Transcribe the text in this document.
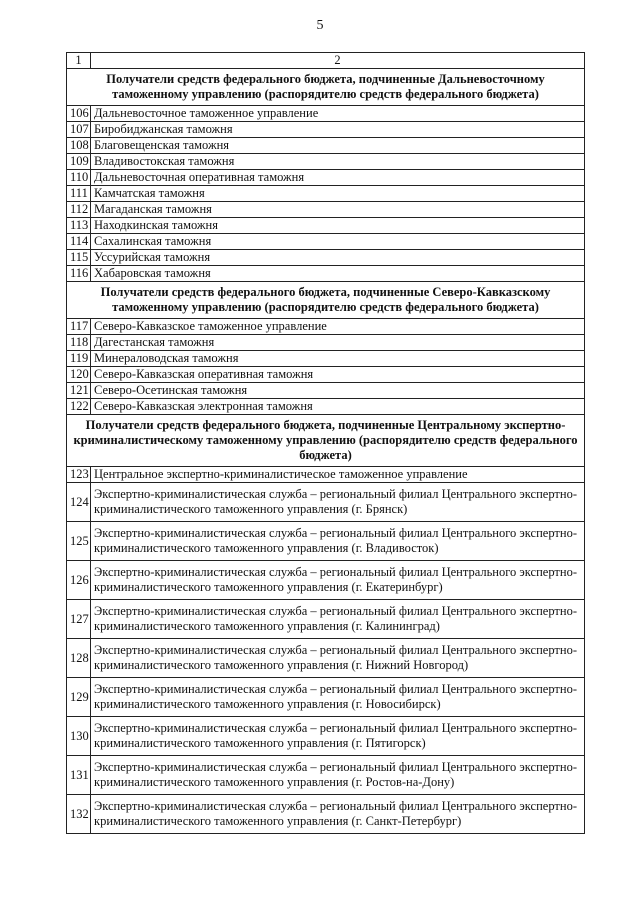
5
1	2
Получатели средств федерального бюджета, подчиненные Дальневосточному таможенному управлению (распорядителю средств федерального бюджета)	
106	Дальневосточное таможенное управление
107	Биробиджанская таможня
108	Благовещенская таможня
109	Владивостокская таможня
110	Дальневосточная оперативная таможня
111	Камчатская таможня
112	Магаданская таможня
113	Находкинская таможня
114	Сахалинская таможня
115	Уссурийская таможня
116	Хабаровская таможня
Получатели средств федерального бюджета, подчиненные Северо-Кавказскому таможенному управлению (распорядителю средств федерального бюджета)	
117	Северо-Кавказское таможенное управление
118	Дагестанская таможня
119	Минераловодская таможня
120	Северо-Кавказская оперативная таможня
121	Северо-Осетинская таможня
122	Северо-Кавказская электронная таможня
Получатели средств федерального бюджета, подчиненные Центральному экспертно-криминалистическому таможенному управлению (распорядителю средств федерального бюджета)	
123	Центральное экспертно-криминалистическое таможенное управление
124	Экспертно-криминалистическая служба – региональный филиал Центрального экспертно-криминалистического таможенного управления (г. Брянск)
125	Экспертно-криминалистическая служба – региональный филиал Центрального экспертно-криминалистического таможенного управления (г. Владивосток)
126	Экспертно-криминалистическая служба – региональный филиал Центрального экспертно-криминалистического таможенного управления (г. Екатеринбург)
127	Экспертно-криминалистическая служба – региональный филиал Центрального экспертно-криминалистического таможенного управления (г. Калининград)
128	Экспертно-криминалистическая служба – региональный филиал Центрального экспертно-криминалистического таможенного управления (г. Нижний Новгород)
129	Экспертно-криминалистическая служба – региональный филиал Центрального экспертно-криминалистического таможенного управления (г. Новосибирск)
130	Экспертно-криминалистическая служба – региональный филиал Центрального экспертно-криминалистического таможенного управления (г. Пятигорск)
131	Экспертно-криминалистическая служба – региональный филиал Центрального экспертно-криминалистического таможенного управления (г. Ростов-на-Дону)
132	Экспертно-криминалистическая служба – региональный филиал Центрального экспертно-криминалистического таможенного управления (г. Санкт-Петербург)
